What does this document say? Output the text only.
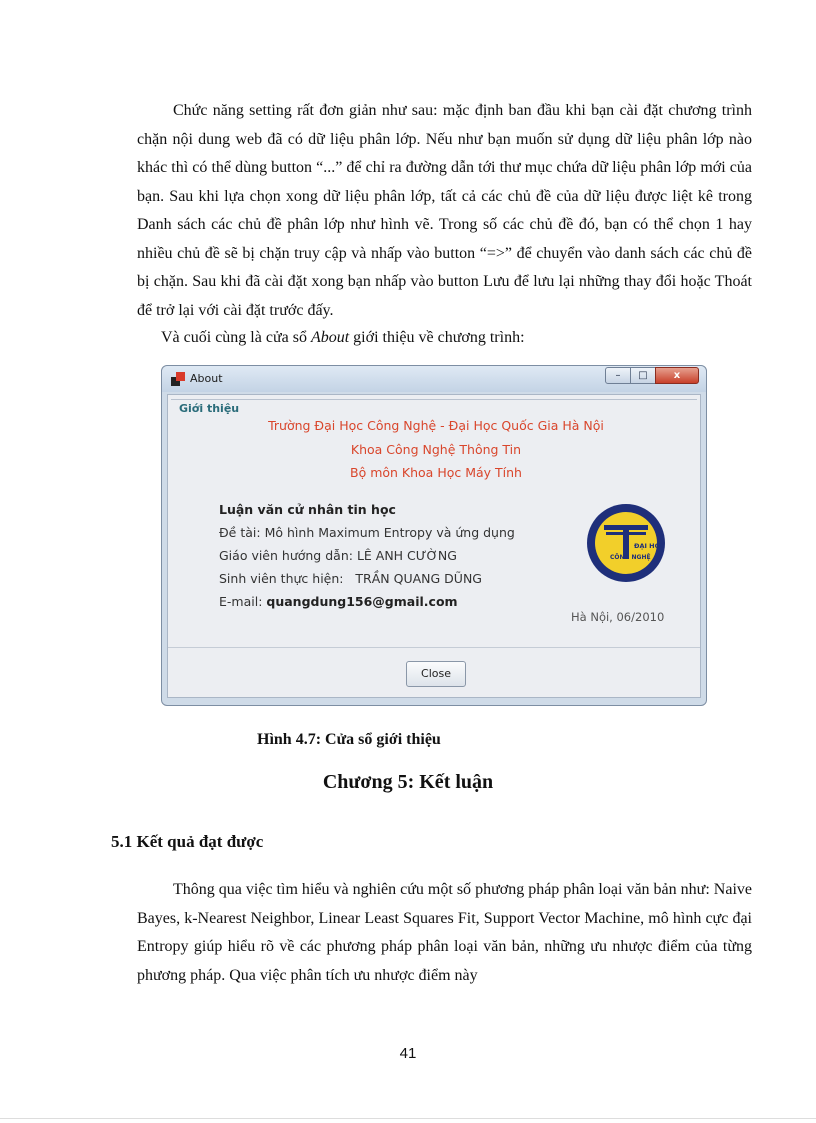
Chức năng setting rất đơn giản như sau: mặc định ban đầu khi bạn cài đặt chương trình chặn nội dung web đã có dữ liệu phân lớp. Nếu như bạn muốn sử dụng dữ liệu phân lớp nào khác thì có thể dùng button “...” để chỉ ra đường dẫn tới thư mục chứa dữ liệu phân lớp mới của bạn. Sau khi lựa chọn xong dữ liệu phân lớp, tất cả các chủ đề của dữ liệu được liệt kê trong Danh sách các chủ đề phân lớp như hình vẽ. Trong số các chủ đề đó, bạn có thể chọn 1 hay nhiều chủ đề sẽ bị chặn truy cập và nhấp vào button “=>” để chuyển vào danh sách các chủ đề bị chặn. Sau khi đã cài đặt xong bạn nhấp vào button Lưu để lưu lại những thay đổi hoặc Thoát để trở lại với cài đặt trước đấy.

Và cuối cùng là cửa sổ About giới thiệu về chương trình:
About	–	□	x
Giới thiệu
Trường Đại Học Công Nghệ - Đại Học Quốc Gia Hà Nội
Khoa Công Nghệ Thông Tin
Bộ môn Khoa Học Máy Tính
Luận văn cử nhân tin học
Đề tài: Mô hình Maximum Entropy và ứng dụng
Giáo viên hướng dẫn: LÊ ANH CƯỜNG
Sinh viên thực hiện: TRẦN QUANG DŨNG
E-mail: quangdung156@gmail.com
ĐẠI HỌC
CÔNG NGHỆ
Hà Nội, 06/2010
Close
Hình 4.7: Cửa sổ giới thiệu
Chương 5: Kết luận
5.1 Kết quả đạt được

Thông qua việc tìm hiểu và nghiên cứu một số phương pháp phân loại văn bản như: Naive Bayes, k-Nearest Neighbor, Linear Least Squares Fit, Support Vector Machine, mô hình cực đại Entropy giúp hiểu rõ về các phương pháp phân loại văn bản, những ưu nhược điểm của từng phương pháp. Qua việc phân tích ưu nhược điểm này

41
